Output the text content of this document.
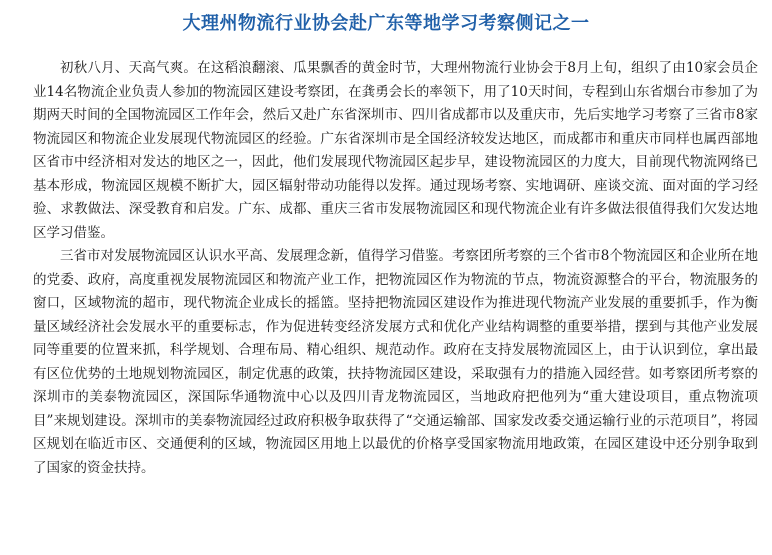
大理州物流行业协会赴广东等地学习考察侧记之一

初秋八月、天高气爽。在这稻浪翻滚、瓜果飘香的黄金时节，大理州物流行业协会于8月上旬，组织了由10家会员企业14名物流企业负责人参加的物流园区建设考察团，在龚勇会长的率领下，用了10天时间，专程到山东省烟台市参加了为期两天时间的全国物流园区工作年会，然后又赴广东省深圳市、四川省成都市以及重庆市，先后实地学习考察了三省市8家物流园区和物流企业发展现代物流园区的经验。广东省深圳市是全国经济较发达地区，而成都市和重庆市同样也属西部地区省市中经济相对发达的地区之一，因此，他们发展现代物流园区起步早，建设物流园区的力度大，目前现代物流网络已基本形成，物流园区规模不断扩大，园区辐射带动功能得以发挥。通过现场考察、实地调研、座谈交流、面对面的学习经验、求教做法、深受教育和启发。广东、成都、重庆三省市发展物流园区和现代物流企业有许多做法很值得我们欠发达地区学习借鉴。

三省市对发展物流园区认识水平高、发展理念新，值得学习借鉴。考察团所考察的三个省市8个物流园区和企业所在地的党委、政府，高度重视发展物流园区和物流产业工作，把物流园区作为物流的节点，物流资源整合的平台，物流服务的窗口，区域物流的超市，现代物流企业成长的摇篮。坚持把物流园区建设作为推进现代物流产业发展的重要抓手，作为衡量区域经济社会发展水平的重要标志，作为促进转变经济发展方式和优化产业结构调整的重要举措，摆到与其他产业发展同等重要的位置来抓，科学规划、合理布局、精心组织、规范动作。政府在支持发展物流园区上，由于认识到位，拿出最有区位优势的土地规划物流园区，制定优惠的政策，扶持物流园区建设，采取强有力的措施入园经营。如考察团所考察的深圳市的美泰物流园区，深国际华通物流中心以及四川青龙物流园区，当地政府把他列为“重大建设项目，重点物流项目”来规划建设。深圳市的美泰物流园经过政府积极争取获得了“交通运输部、国家发改委交通运输行业的示范项目”，将园区规划在临近市区、交通便利的区域，物流园区用地上以最优的价格享受国家物流用地政策，在园区建设中还分别争取到了国家的资金扶持。
